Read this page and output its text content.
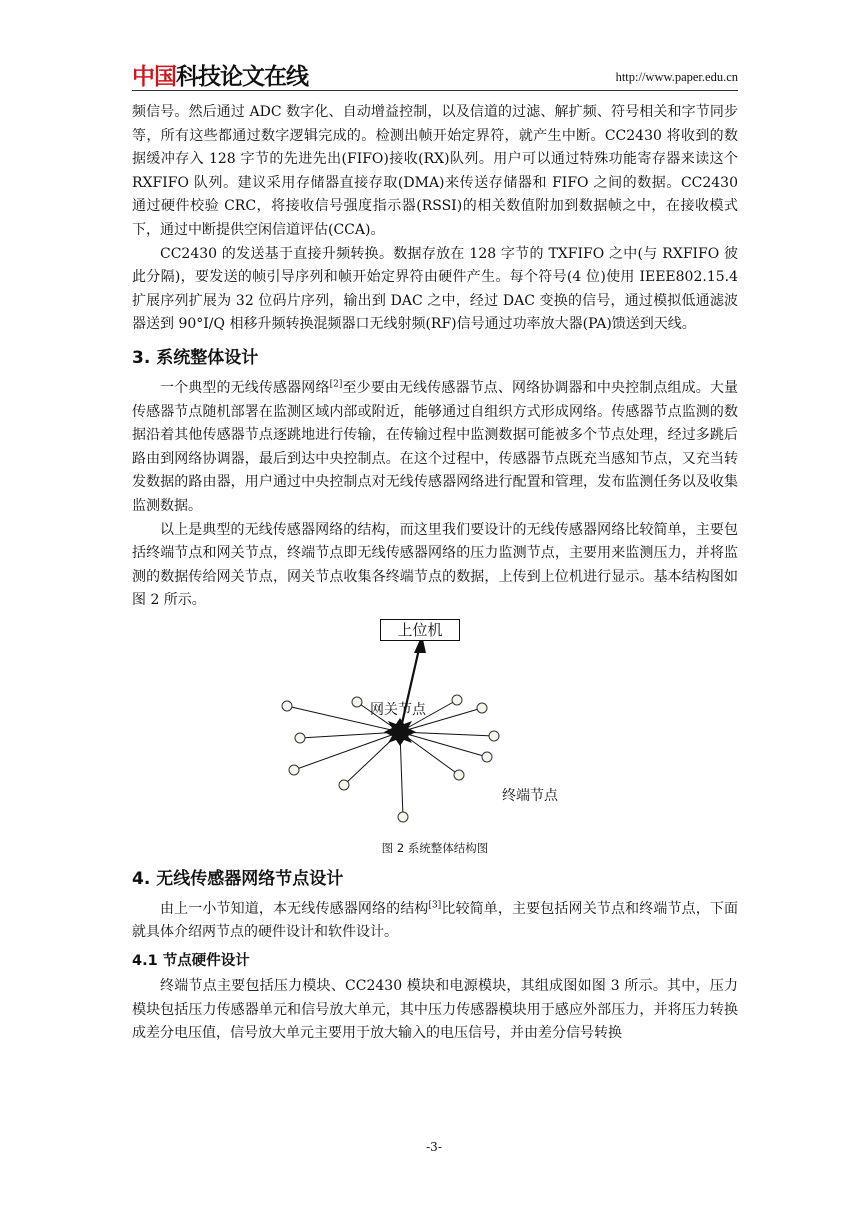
中国科技论文在线	http://www.paper.edu.cn

频信号。然后通过 ADC 数字化、自动增益控制，以及信道的过滤、解扩频、符号相关和字节同步等，所有这些都通过数字逻辑完成的。检测出帧开始定界符，就产生中断。CC2430 将收到的数据缓冲存入 128 字节的先进先出(FIFO)接收(RX)队列。用户可以通过特殊功能寄存器来读这个 RXFIFO 队列。建议采用存储器直接存取(DMA)来传送存储器和 FIFO 之间的数据。CC2430 通过硬件校验 CRC，将接收信号强度指示器(RSSI)的相关数值附加到数据帧之中，在接收模式下，通过中断提供空闲信道评估(CCA)。

CC2430 的发送基于直接升频转换。数据存放在 128 字节的 TXFIFO 之中(与 RXFIFO 彼此分隔)，要发送的帧引导序列和帧开始定界符由硬件产生。每个符号(4 位)使用 IEEE802.15.4 扩展序列扩展为 32 位码片序列，输出到 DAC 之中，经过 DAC 变换的信号，通过模拟低通滤波器送到 90°I/Q 相移升频转换混频器口无线射频(RF)信号通过功率放大器(PA)馈送到天线。

3. 系统整体设计

一个典型的无线传感器网络[2]至少要由无线传感器节点、网络协调器和中央控制点组成。大量传感器节点随机部署在监测区域内部或附近，能够通过自组织方式形成网络。传感器节点监测的数据沿着其他传感器节点逐跳地进行传输，在传输过程中监测数据可能被多个节点处理，经过多跳后路由到网络协调器，最后到达中央控制点。在这个过程中，传感器节点既充当感知节点，又充当转发数据的路由器，用户通过中央控制点对无线传感器网络进行配置和管理，发布监测任务以及收集监测数据。

以上是典型的无线传感器网络的结构，而这里我们要设计的无线传感器网络比较简单，主要包括终端节点和网关节点，终端节点即无线传感器网络的压力监测节点，主要用来监测压力，并将监测的数据传给网关节点，网关节点收集各终端节点的数据，上传到上位机进行显示。基本结构图如图 2 所示。

上位机
网关节点
终端节点

图 2 系统整体结构图

4. 无线传感器网络节点设计

由上一小节知道，本无线传感器网络的结构[3]比较简单，主要包括网关节点和终端节点，下面就具体介绍两节点的硬件设计和软件设计。

4.1 节点硬件设计

终端节点主要包括压力模块、CC2430 模块和电源模块，其组成图如图 3 所示。其中，压力模块包括压力传感器单元和信号放大单元，其中压力传感器模块用于感应外部压力，并将压力转换成差分电压值，信号放大单元主要用于放大输入的电压信号，并由差分信号转换

-3-
